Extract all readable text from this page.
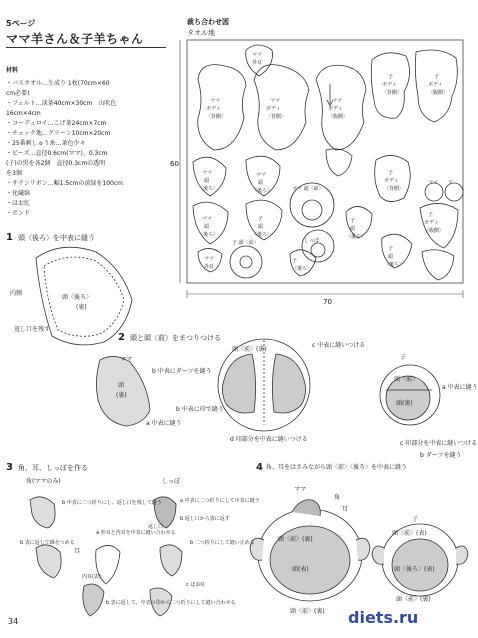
5ページ
ママ羊さん＆子羊ちゃん
材料
・バスタオル…生成り 1枚(70cm×60
cm必要)
・フェルト…淡茶40cm×30cm　山吹色
16cm×4cm
・コーデュロイ…こげ茶24cm×7cm
・チェック地…グリーン10cm×20cm
・25番刺しゅう糸…茶色少々
・ビーズ…直径0.6cm(ママ)、0.3cm
(子)の黒を各2個　直径0.3cmの透明
を3個
・サテンリボン…幅1.5cmの黄緑を100cm
・化繊綿
・ほお紅
・ボンド
裁ち合わせ図
タオル地
60
70
ママ
外耳
ママ
ボディ
〈背側〉
ママ
ボディ
〈背側〉
ママ
ボディ
〈腹側〉
子
ボディ
〈背側〉
子
ボディ
〈腹側〉
ママ
頭
〈後ろ〉
ママ
頭
〈後ろ〉	ママ 頭〈前〉
子
ボディ
〈背側〉
ママ
頭
〈後ろ〉
子
頭
〈後ろ〉
子
頭
〈後ろ〉
子
ボディ
〈腹側〉
子 頭〈前〉
ママ
外耳
子
〈後ろ〉
子
頭
〈後ろ〉
しっぽ
ママ 子
1 頭〈後ろ〉を中表に縫う
内側
頭〈後ろ〉
(裏)
返し口を残す
2 頭と頭〈前〉をまつりつける
ママ
頭
(裏)
b 中表にダーツを縫う
b 中表に印で縫う
a 中表に縫う
頭〈前〉(裏)
c 中表に縫いつける
d 印部分を中表に縫いつける
子
頭〈前〉
頭(裏)
a 中表に縫う
c 印部分を中表に縫いつける
b ダーツを縫う
3 角、耳、しっぽを作る
角(ママのみ)
b 中表に二つ折りにし、返し口を残して縫う
b 表に返して綿をつめる
耳
a 外耳と内耳を中表に縫い合わせる
b 二つ折りにして縫い止める
内耳(表)
c ほお紅
b 表に返して、中表の印から二つ折りにして縫い合わせる
しっぽ
a 中表に二つ折りにして中表に縫う
b 返し口から表に返す
返し口
4 角、耳をはさみながら頭〈前〉〈後ろ〉を中表に縫う
ママ
角
耳
頭〈前〉(裏)
頭(表)
頭〈前〉(裏)
子
頭〈前〉(表)
頭〈後ろ〉(表)
頭〈前〉(裏)
34	diets.ru
